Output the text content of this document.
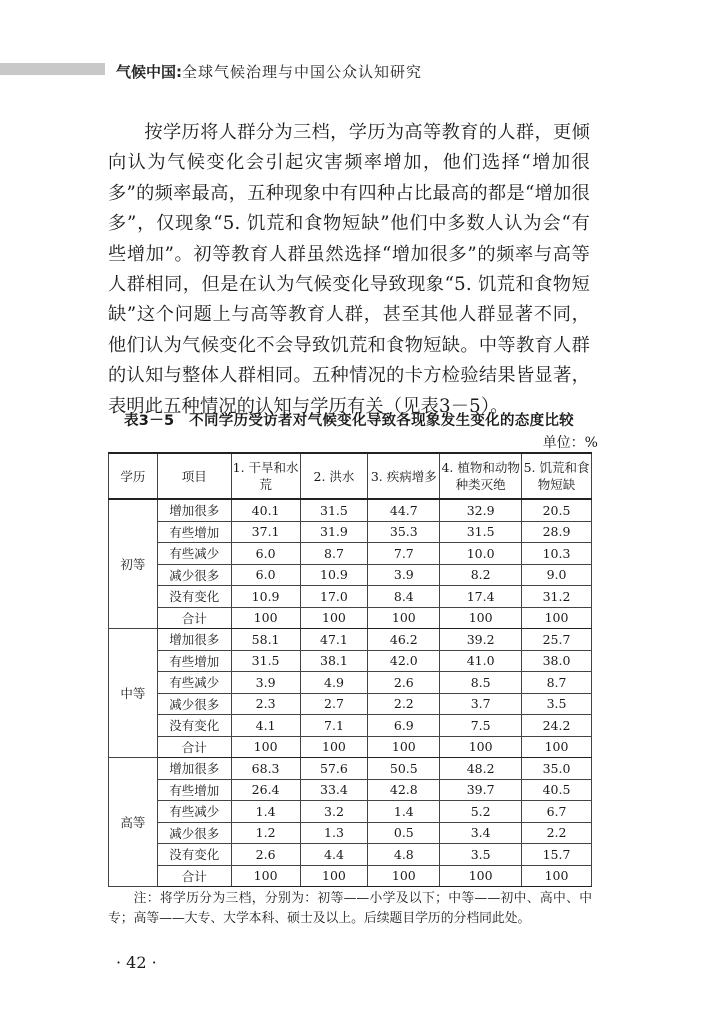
气候中国:全球气候治理与中国公众认知研究

按学历将人群分为三档，学历为高等教育的人群，更倾向认为气候变化会引起灾害频率增加，他们选择“增加很多”的频率最高，五种现象中有四种占比最高的都是“增加很多”，仅现象“5. 饥荒和食物短缺”他们中多数人认为会“有些增加”。初等教育人群虽然选择“增加很多”的频率与高等人群相同，但是在认为气候变化导致现象“5. 饥荒和食物短缺”这个问题上与高等教育人群，甚至其他人群显著不同，他们认为气候变化不会导致饥荒和食物短缺。中等教育人群的认知与整体人群相同。五种情况的卡方检验结果皆显著，表明此五种情况的认知与学历有关（见表3－5）。

表3－5　不同学历受访者对气候变化导致各现象发生变化的态度比较
单位：%
学历	项目	1. 干旱和水荒	2. 洪水	3. 疾病增多	4. 植物和动物种类灭绝	5. 饥荒和食物短缺
初等	增加很多	40.1	31.5	44.7	32.9	20.5
	有些增加	37.1	31.9	35.3	31.5	28.9
	有些减少	6.0	8.7	7.7	10.0	10.3
	减少很多	6.0	10.9	3.9	8.2	9.0
	没有变化	10.9	17.0	8.4	17.4	31.2
	合计	100	100	100	100	100
中等	增加很多	58.1	47.1	46.2	39.2	25.7
	有些增加	31.5	38.1	42.0	41.0	38.0
	有些减少	3.9	4.9	2.6	8.5	8.7
	减少很多	2.3	2.7	2.2	3.7	3.5
	没有变化	4.1	7.1	6.9	7.5	24.2
	合计	100	100	100	100	100
高等	增加很多	68.3	57.6	50.5	48.2	35.0
	有些增加	26.4	33.4	42.8	39.7	40.5
	有些减少	1.4	3.2	1.4	5.2	6.7
	减少很多	1.2	1.3	0.5	3.4	2.2
	没有变化	2.6	4.4	4.8	3.5	15.7
	合计	100	100	100	100	100

注：将学历分为三档，分别为：初等——小学及以下；中等——初中、高中、中专；高等——大专、大学本科、硕士及以上。后续题目学历的分档同此处。

· 42 ·
